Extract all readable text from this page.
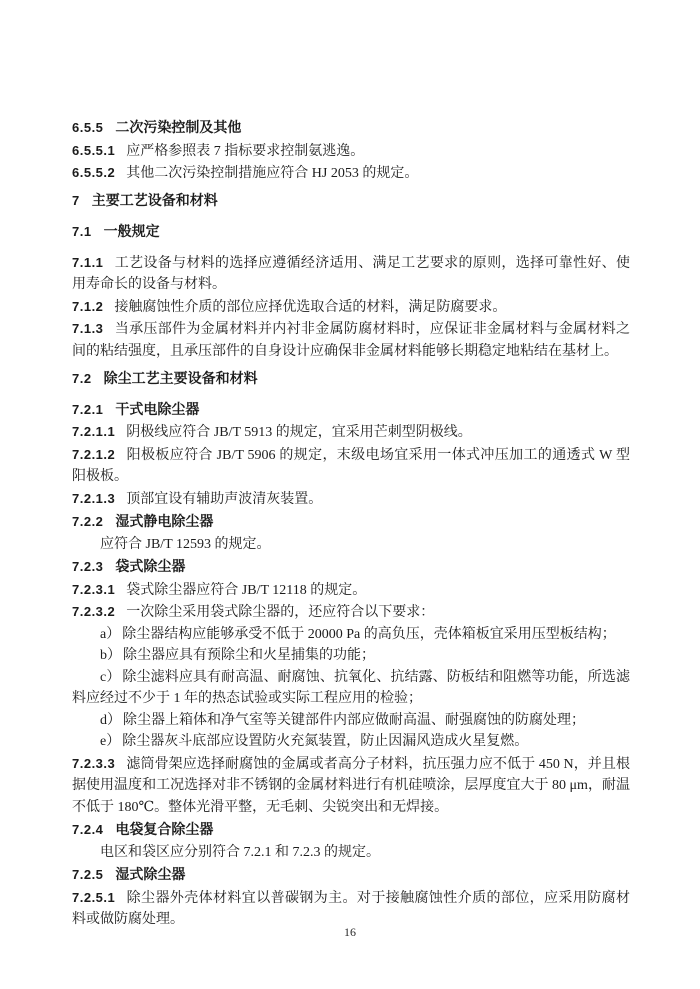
6.5.5 二次污染控制及其他

6.5.5.1 应严格参照表 7 指标要求控制氨逃逸。

6.5.5.2 其他二次污染控制措施应符合 HJ 2053 的规定。

7 主要工艺设备和材料
7.1 一般规定

7.1.1 工艺设备与材料的选择应遵循经济适用、满足工艺要求的原则，选择可靠性好、使用寿命长的设备与材料。

7.1.2 接触腐蚀性介质的部位应择优选取合适的材料，满足防腐要求。

7.1.3 当承压部件为金属材料并内衬非金属防腐材料时，应保证非金属材料与金属材料之间的粘结强度，且承压部件的自身设计应确保非金属材料能够长期稳定地粘结在基材上。

7.2 除尘工艺主要设备和材料
7.2.1 干式电除尘器

7.2.1.1 阴极线应符合 JB/T 5913 的规定，宜采用芒刺型阴极线。

7.2.1.2 阳极板应符合 JB/T 5906 的规定，末级电场宜采用一体式冲压加工的通透式 W 型阳极板。

7.2.1.3 顶部宜设有辅助声波清灰装置。

7.2.2 湿式静电除尘器

应符合 JB/T 12593 的规定。

7.2.3 袋式除尘器

7.2.3.1 袋式除尘器应符合 JB/T 12118 的规定。

7.2.3.2 一次除尘采用袋式除尘器的，还应符合以下要求：

a） 除尘器结构应能够承受不低于 20000 Pa 的高负压，壳体箱板宜采用压型板结构；

b） 除尘器应具有预除尘和火星捕集的功能；

c） 除尘滤料应具有耐高温、耐腐蚀、抗氧化、抗结露、防板结和阻燃等功能，所选滤料应经过不少于 1 年的热态试验或实际工程应用的检验；

d） 除尘器上箱体和净气室等关键部件内部应做耐高温、耐强腐蚀的防腐处理；

e） 除尘器灰斗底部应设置防火充氮装置，防止因漏风造成火星复燃。

7.2.3.3 滤筒骨架应选择耐腐蚀的金属或者高分子材料，抗压强力应不低于 450 N，并且根据使用温度和工况选择对非不锈钢的金属材料进行有机硅喷涂，层厚度宜大于 80 μm，耐温不低于 180℃。整体光滑平整，无毛刺、尖锐突出和无焊接。

7.2.4 电袋复合除尘器

电区和袋区应分别符合 7.2.1 和 7.2.3 的规定。

7.2.5 湿式除尘器

7.2.5.1 除尘器外壳体材料宜以普碳钢为主。对于接触腐蚀性介质的部位，应采用防腐材料或做防腐处理。

16
